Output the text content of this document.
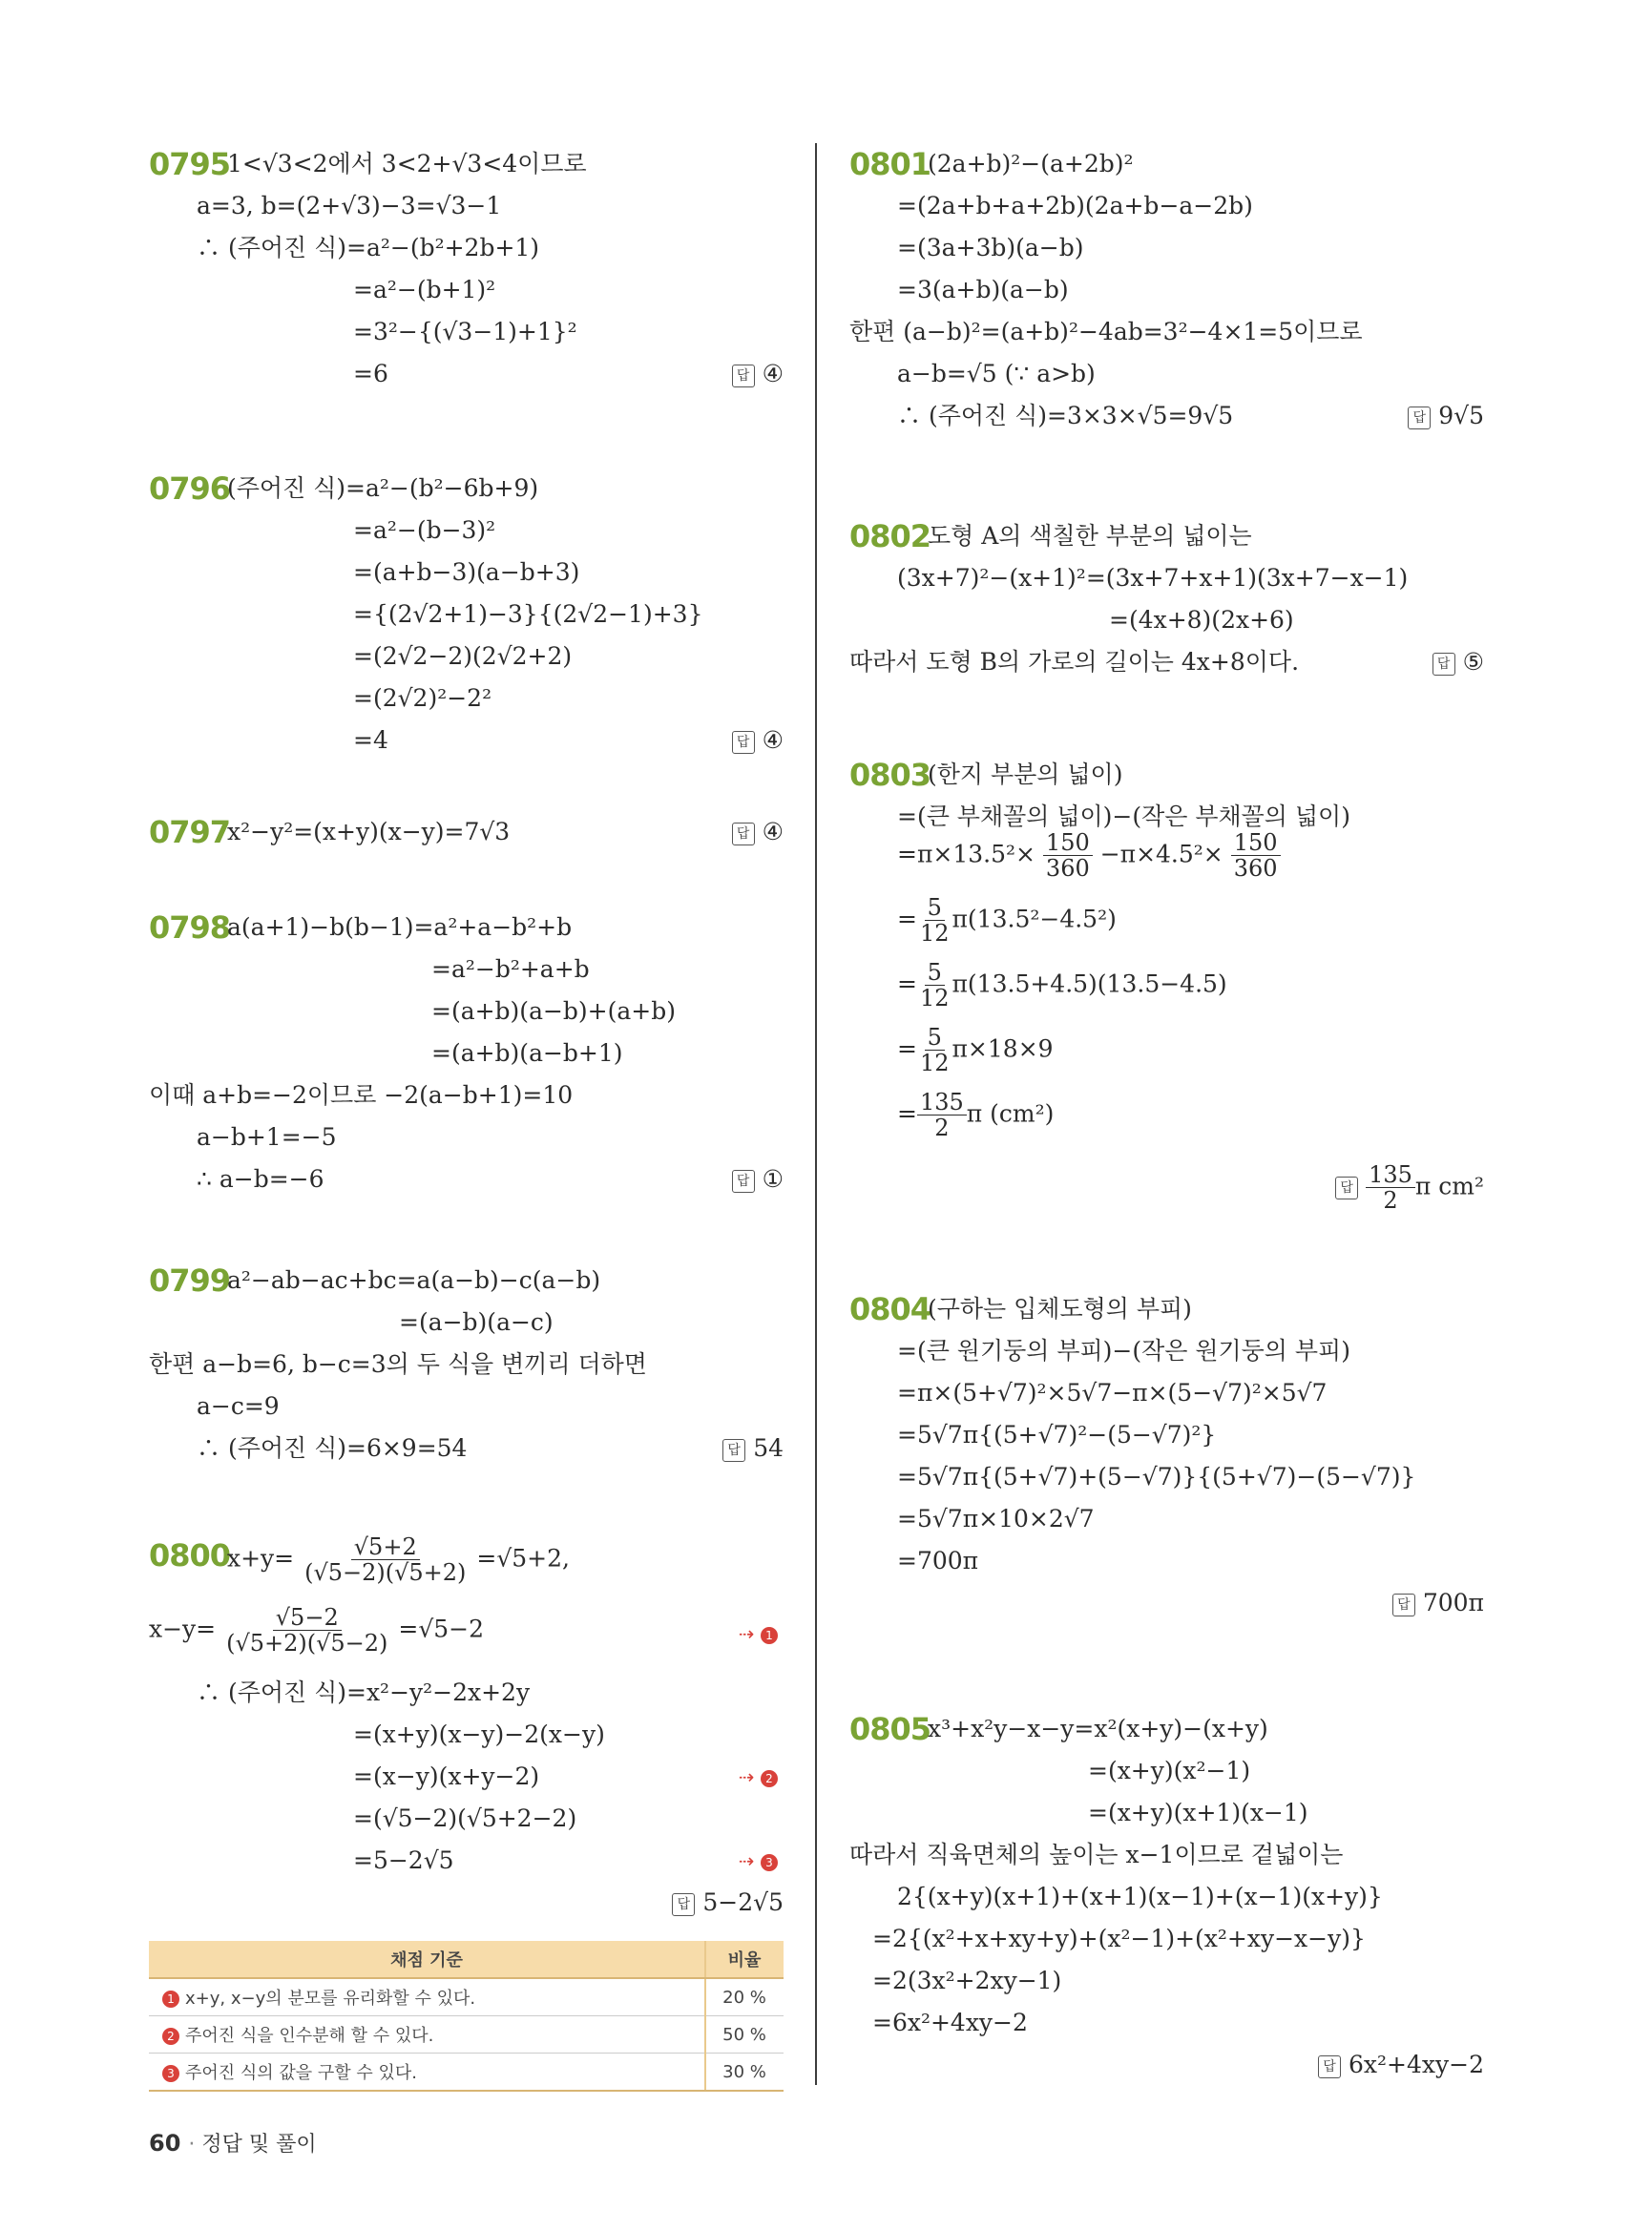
0795
1<√3<2에서 3<2+√3<4이므로
a=3, b=(2+√3)−3=√3−1
∴ (주어진 식)=a²−(b²+2b+1)
=a²−(b+1)²
=3²−{(√3−1)+1}²
=6	답 ④
0796
(주어진 식)=a²−(b²−6b+9)
=a²−(b−3)²
=(a+b−3)(a−b+3)
={(2√2+1)−3}{(2√2−1)+3}
=(2√2−2)(2√2+2)
=(2√2)²−2²
=4	답 ④
0797
x²−y²=(x+y)(x−y)=7√3	답 ④
0798
a(a+1)−b(b−1)=a²+a−b²+b
=a²−b²+a+b
=(a+b)(a−b)+(a+b)
=(a+b)(a−b+1)
이때 a+b=−2이므로 −2(a−b+1)=10
a−b+1=−5
∴ a−b=−6	답 ①
0799
a²−ab−ac+bc=a(a−b)−c(a−b)
=(a−b)(a−c)
한편 a−b=6, b−c=3의 두 식을 변끼리 더하면
a−c=9
∴ (주어진 식)=6×9=54	답 54
0801
(2a+b)²−(a+2b)²
=(2a+b+a+2b)(2a+b−a−2b)
=(3a+3b)(a−b)
=3(a+b)(a−b)
한편 (a−b)²=(a+b)²−4ab=3²−4×1=5이므로
a−b=√5 (∵ a>b)
∴ (주어진 식)=3×3×√5=9√5	답 9√5
0802
도형 A의 색칠한 부분의 넓이는
(3x+7)²−(x+1)²=(3x+7+x+1)(3x+7−x−1)
=(4x+8)(2x+6)
따라서 도형 B의 가로의 길이는 4x+8이다.	답 ⑤
0803
(한지 부분의 넓이)
=(큰 부채꼴의 넓이)−(작은 부채꼴의 넓이)
0804
(구하는 입체도형의 부피)
=(큰 원기둥의 부피)−(작은 원기둥의 부피)
=π×(5+√7)²×5√7−π×(5−√7)²×5√7
=5√7π{(5+√7)²−(5−√7)²}
=5√7π{(5+√7)+(5−√7)}{(5+√7)−(5−√7)}
=5√7π×10×2√7
=700π
답 700π
0805
x³+x²y−x−y=x²(x+y)−(x+y)
=(x+y)(x²−1)
=(x+y)(x+1)(x−1)
따라서 직육면체의 높이는 x−1이므로 겉넓이는
2{(x+y)(x+1)+(x+1)(x−1)+(x−1)(x+y)}
=2{(x²+x+xy+y)+(x²−1)+(x²+xy−x−y)}
=2(3x²+2xy−1)
=6x²+4xy−2
답 6x²+4xy−2
0800
$x+y= \frac{√5+2}{(√5-2)(√5+2)} =√5+2$,
$x-y= \frac{√5-2}{(√5+2)(√5-2)} =√5-2$	⇢ 1
∴ (주어진 식)=x²−y²−2x+2y
=(x+y)(x−y)−2(x−y)
=(x−y)(x+y−2)	⇢ 2
=(√5−2)(√5+2−2)
=5−2√5	⇢ 3
답 5−2√5
채점 기준	비율
1 x+y, x−y의 분모를 유리화할 수 있다.	20 %
2 주어진 식을 인수분해 할 수 있다.	50 %
3 주어진 식의 값을 구할 수 있다.	30 %
$=\pi\times 13.5^2\times \frac{150}{360} -\pi\times 4.5^2\times \frac{150}{360}$
= $\frac{5}{12} \pi(13.5^2-4.5^2)$
= $\frac{5}{12} \pi(13.5+4.5)(13.5-4.5)$
= $\frac{5}{12} \pi\times 18\times 9$
= $\frac{135}{2}$ π (cm²)
답 $\frac{135}{2}$ π cm²
60 · 정답 및 풀이
